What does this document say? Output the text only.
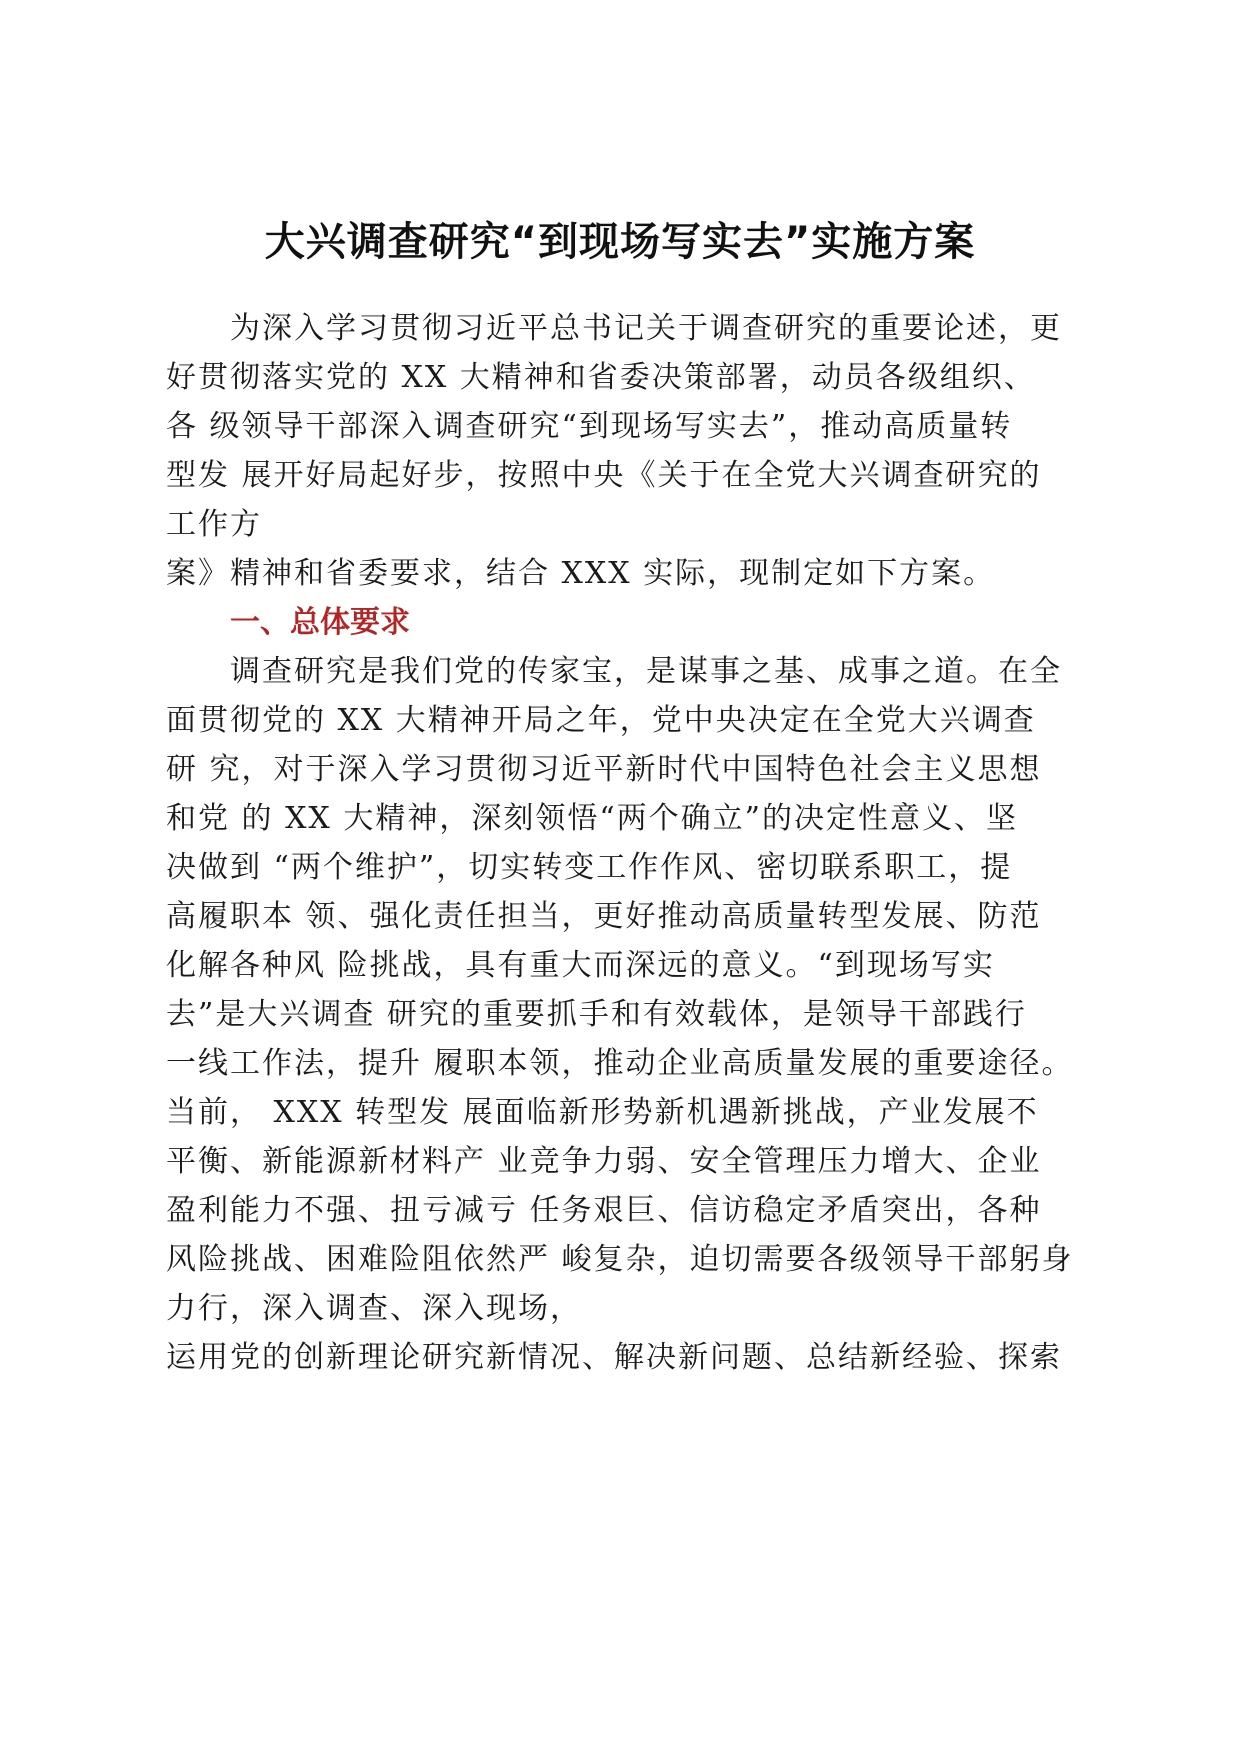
大兴调查研究“到现场写实去”实施方案

　　为深入学习贯彻习近平总书记关于调查研究的重要论述，更

好贯彻落实党的 XX 大精神和省委决策部署，动员各级组织、

各 级领导干部深入调查研究“到现场写实去”，推动高质量转

型发 展开好局起好步，按照中央《关于在全党大兴调查研究的

工作方

案》精神和省委要求，结合 XXX 实际，现制定如下方案。

一、总体要求

　　调查研究是我们党的传家宝，是谋事之基、成事之道。在全

面贯彻党的 XX 大精神开局之年，党中央决定在全党大兴调查

研 究，对于深入学习贯彻习近平新时代中国特色社会主义思想

和党 的 XX 大精神，深刻领悟“两个确立”的决定性意义、坚

决做到 “两个维护”，切实转变工作作风、密切联系职工，提

高履职本 领、强化责任担当，更好推动高质量转型发展、防范

化解各种风 险挑战，具有重大而深远的意义。“到现场写实

去”是大兴调查 研究的重要抓手和有效载体，是领导干部践行

一线工作法，提升 履职本领，推动企业高质量发展的重要途径。

当前， XXX 转型发 展面临新形势新机遇新挑战，产业发展不

平衡、新能源新材料产 业竞争力弱、安全管理压力增大、企业

盈利能力不强、扭亏减亏 任务艰巨、信访稳定矛盾突出，各种

风险挑战、困难险阻依然严 峻复杂，迫切需要各级领导干部躬身

力行，深入调查、深入现场，

运用党的创新理论研究新情况、解决新问题、总结新经验、探索
